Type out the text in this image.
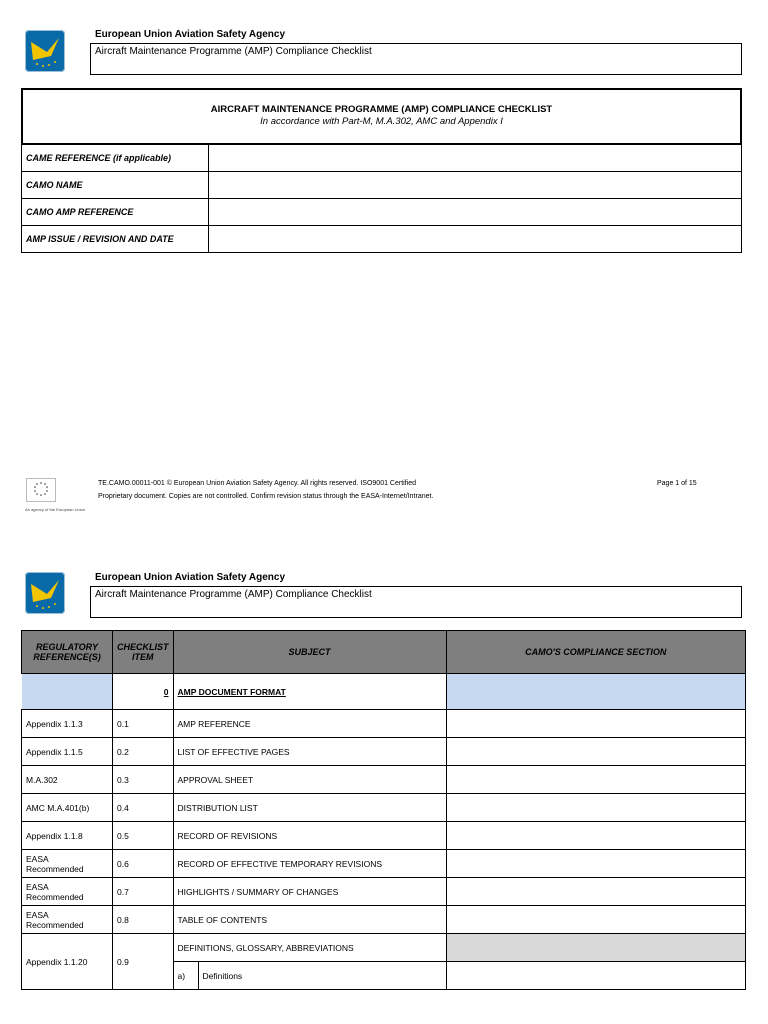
European Union Aviation Safety Agency
Aircraft Maintenance Programme (AMP) Compliance Checklist
AIRCRAFT MAINTENANCE PROGRAMME (AMP) COMPLIANCE CHECKLIST
In accordance with Part-M, M.A.302, AMC and Appendix I
CAME REFERENCE (if applicable)	
CAMO NAME	
CAMO AMP REFERENCE	
AMP ISSUE / REVISION AND DATE	
An agency of the European Union
TE.CAMO.00011-001 © European Union Aviation Safety Agency. All rights reserved. ISO9001 Certified
Proprietary document. Copies are not controlled. Confirm revision status through the EASA-Internet/Intranet.
Page 1 of 15
European Union Aviation Safety Agency
Aircraft Maintenance Programme (AMP) Compliance Checklist
REGULATORY REFERENCE(S)	CHECKLIST ITEM	SUBJECT	CAMO'S COMPLIANCE SECTION
	0	AMP DOCUMENT FORMAT	
Appendix 1.1.3	0.1	AMP REFERENCE	
Appendix 1.1.5	0.2	LIST OF EFFECTIVE PAGES	
M.A.302	0.3	APPROVAL SHEET	
AMC M.A.401(b)	0.4	DISTRIBUTION LIST	
Appendix 1.1.8	0.5	RECORD OF REVISIONS	
EASA Recommended	0.6	RECORD OF EFFECTIVE TEMPORARY REVISIONS	
EASA Recommended	0.7	HIGHLIGHTS / SUMMARY OF CHANGES	
EASA Recommended	0.8	TABLE OF CONTENTS	
Appendix 1.1.20	0.9	DEFINITIONS, GLOSSARY, ABBREVIATIONS	

a)	Definitions
